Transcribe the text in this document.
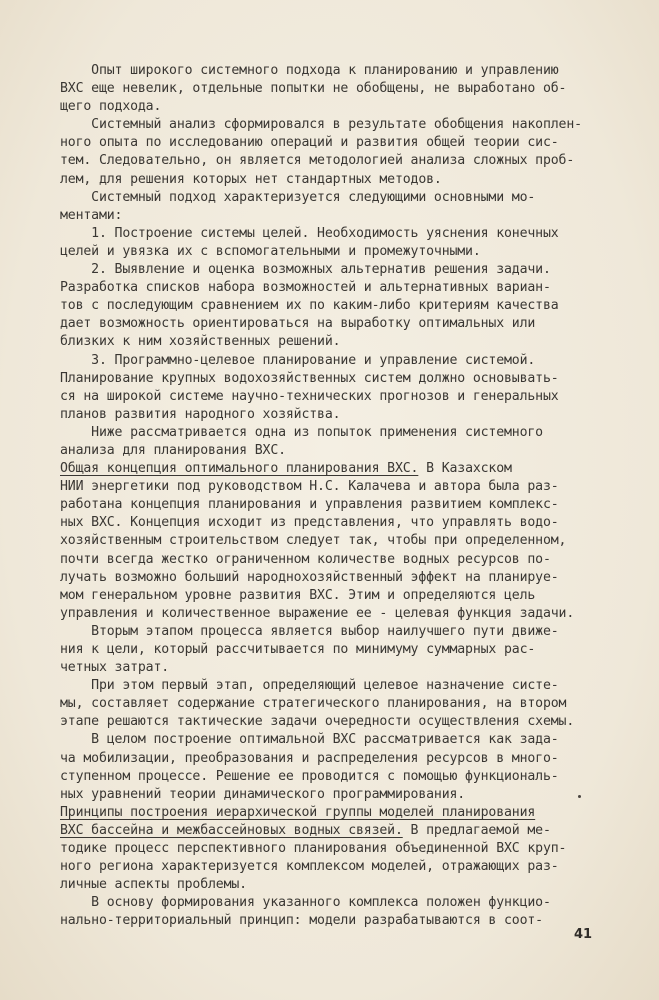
Опыт широкого системного подхода к планированию и управлению
ВХС еще невелик, отдельные попытки не обобщены, не выработано об-
щего подхода.
Системный анализ сформировался в результате обобщения накоплен-
ного опыта по исследованию операций и развития общей теории сис-
тем. Следовательно, он является методологией анализа сложных проб-
лем, для решения которых нет стандартных методов.
Системный подход характеризуется следующими основными мо-
ментами:
1. Построение системы целей. Необходимость уяснения конечных
целей и увязка их с вспомогательными и промежуточными.
2. Выявление и оценка возможных альтернатив решения задачи.
Разработка списков набора возможностей и альтернативных вариан-
тов с последующим сравнением их по каким-либо критериям качества
дает возможность ориентироваться на выработку оптимальных или
близких к ним хозяйственных решений.
3. Программно-целевое планирование и управление системой.
Планирование крупных водохозяйственных систем должно основывать-
ся на широкой системе научно-технических прогнозов и генеральных
планов развития народного хозяйства.
Ниже рассматривается одна из попыток применения системного
анализа для планирования ВХС.
Общая концепция оптимального планирования ВХС. В Казахском
НИИ энергетики под руководством Н.С. Калачева и автора была раз-
работана концепция планирования и управления развитием комплекс-
ных ВХС. Концепция исходит из представления, что управлять водо-
хозяйственным строительством следует так, чтобы при определенном,
почти всегда жестко ограниченном количестве водных ресурсов по-
лучать возможно больший народнохозяйственный эффект на планируе-
мом генеральном уровне развития ВХС. Этим и определяются цель
управления и количественное выражение ее - целевая функция задачи.
Вторым этапом процесса является выбор наилучшего пути движе-
ния к цели, который рассчитывается по минимуму суммарных рас-
четных затрат.
При этом первый этап, определяющий целевое назначение систе-
мы, составляет содержание стратегического планирования, на втором
этапе решаются тактические задачи очередности осуществления схемы.
В целом построение оптимальной ВХС рассматривается как зада-
ча мобилизации, преобразования и распределения ресурсов в много-
ступенном процессе. Решение ее проводится с помощью функциональ-
ных уравнений теории динамического программирования.
Принципы построения иерархической группы моделей планирования
ВХС бассейна и межбассейновых водных связей. В предлагаемой ме-
тодике процесс перспективного планирования объединенной ВХС круп-
ного региона характеризуется комплексом моделей, отражающих раз-
личные аспекты проблемы.
В основу формирования указанного комплекса положен функцио-
нально-территориальный принцип: модели разрабатываются в соот-
41
